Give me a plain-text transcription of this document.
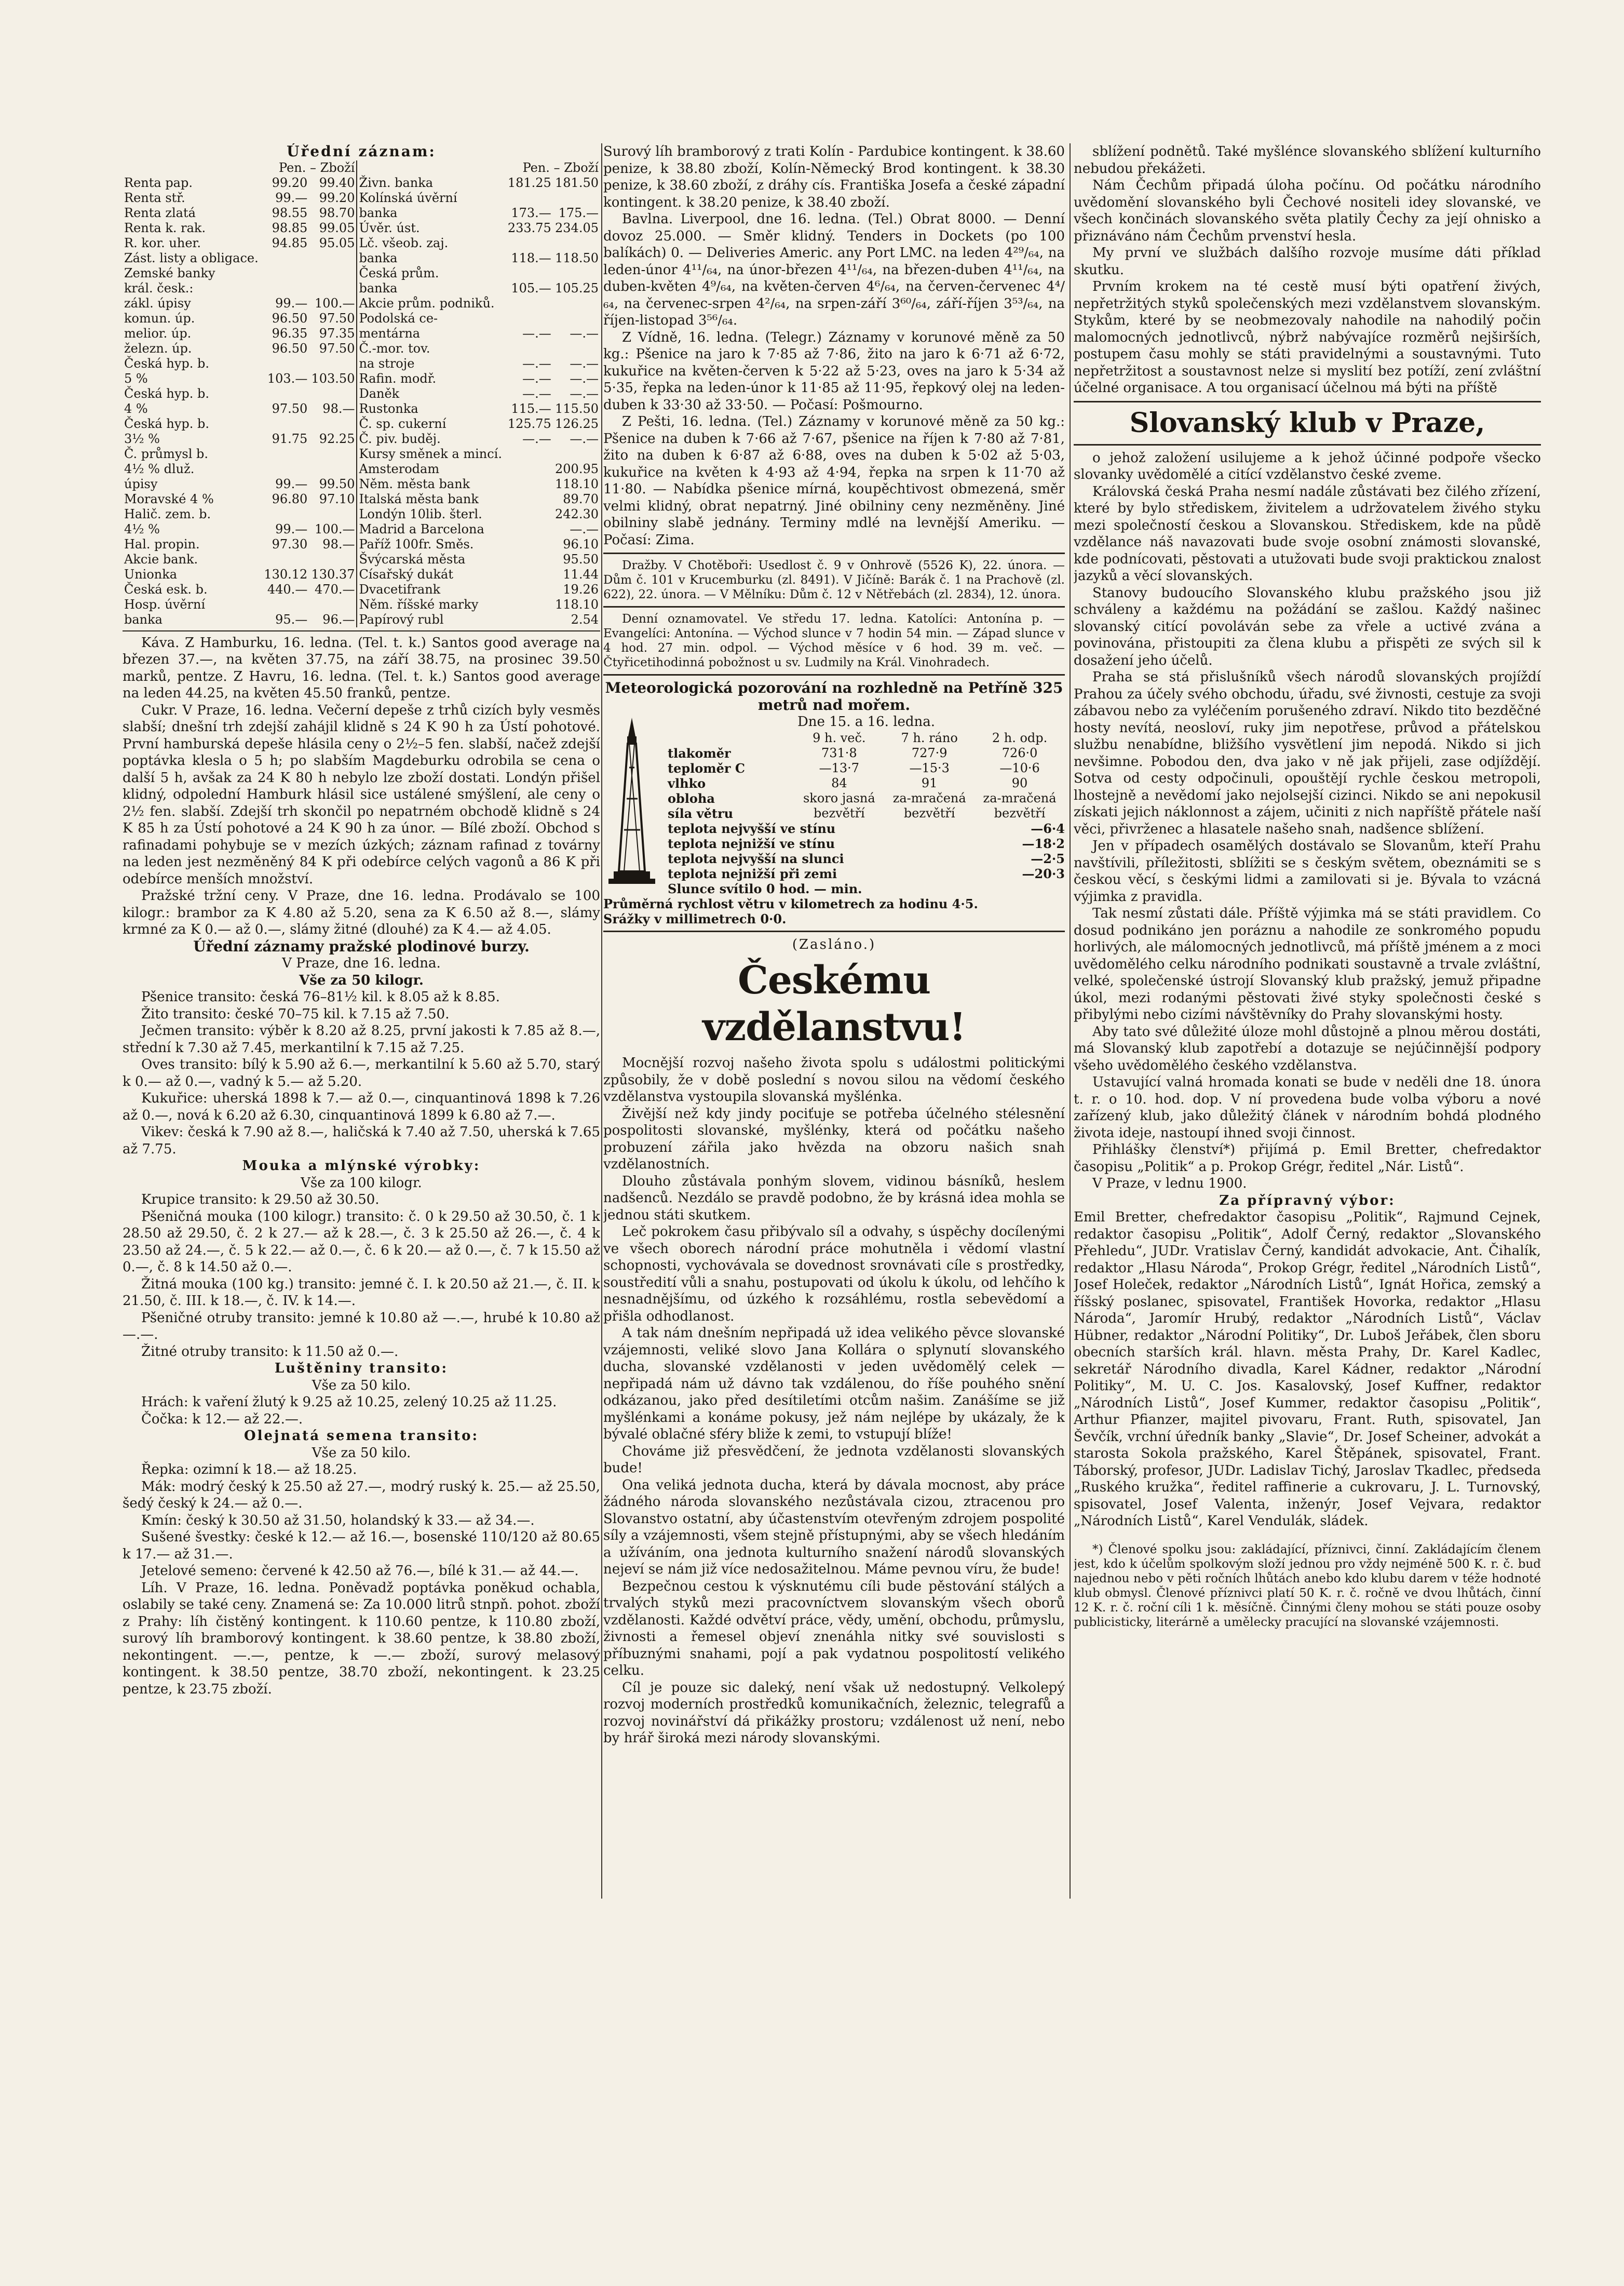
Úřední záznam:

	Pen. – Zboží			Pen. – Zboží	
Renta pap.	99.20	99.40	Živn. banka	181.25	181.50
Renta stř.	99.—	99.20	Kolínská úvěrní		
Renta zlatá	98.55	98.70	banka	173.—	175.—
Renta k. rak.	98.85	99.05	Úvěr. úst.	233.75	234.05
R. kor. uher.	94.85	95.05	Lč. všeob. zaj.		
Zást. listy a obligace.			banka	118.—	118.50
Zemské banky			Česká prům.		
král. česk.:			banka	105.—	105.25
zákl. úpisy	99.—	100.—	Akcie prům. podniků.		
komun. úp.	96.50	97.50	Podolská ce-		
melior. úp.	96.35	97.35	mentárna	—.—	—.—
železn. úp.	96.50	97.50	Č.-mor. tov.		
Česká hyp. b.			na stroje	—.—	—.—
5 %	103.—	103.50	Rafin. modř.	—.—	—.—
Česká hyp. b.			Daněk	—.—	—.—
4 %	97.50	98.—	Rustonka	115.—	115.50
Česká hyp. b.			Č. sp. cukerní	125.75	126.25
3½ %	91.75	92.25	Č. piv. buděj.	—.—	—.—
Č. průmysl b.			Kursy směnek a mincí.		
4½ % dluž.			Amsterodam		200.95
úpisy	99.—	99.50	Něm. města bank		118.10
Moravské 4 %	96.80	97.10	Italská města bank		89.70
Halič. zem. b.			Londýn 10lib. šterl.		242.30
4½ %	99.—	100.—	Madrid a Barcelona		—.—
Hal. propin.	97.30	98.—	Paříž 100fr. Směs.		96.10
Akcie bank.			Švýcarská města		95.50
Unionka	130.12	130.37	Císařský dukát		11.44
Česká esk. b.	440.—	470.—	Dvacetifrank		19.26
Hosp. úvěrní			Něm. říšské marky		118.10
banka	95.—	96.—	Papírový rubl		2.54

Káva. Z Hamburku, 16. ledna. (Tel. t. k.) Santos good average na březen 37.—, na květen 37.75, na září 38.75, na prosinec 39.50 marků, pentze. Z Havru, 16. ledna. (Tel. t. k.) Santos good average na leden 44.25, na květen 45.50 franků, pentze.

Cukr. V Praze, 16. ledna. Večerní depeše z trhů cizích byly vesměs slabší; dnešní trh zdejší zahájil klidně s 24 K 90 h za Ústí pohotové. První hamburská depeše hlásila ceny o 2½–5 fen. slabší, načež zdejší poptávka klesla o 5 h; po slabším Magdeburku odrobila se cena o další 5 h, avšak za 24 K 80 h nebylo lze zboží dostati. Londýn přišel klidný, odpolední Hamburk hlásil sice ustálené smýšlení, ale ceny o 2½ fen. slabší. Zdejší trh skončil po nepatrném obchodě klidně s 24 K 85 h za Ústí pohotové a 24 K 90 h za únor. — Bílé zboží. Obchod s rafinadami pohybuje se v mezích úzkých; záznam rafinad z továrny na leden jest nezměněný 84 K při odebírce celých vagonů a 86 K při odebírce menších množství.

Pražské tržní ceny. V Praze, dne 16. ledna. Prodávalo se 100 kilogr.: brambor za K 4.80 až 5.20, sena za K 6.50 až 8.—, slámy krmné za K 0.— až 0.—, slámy žitné (dlouhé) za K 4.— až 4.05.

Úřední záznamy pražské plodinové burzy.

V Praze, dne 16. ledna.

Vše za 50 kilogr.

Pšenice transito: česká 76–81½ kil. k 8.05 až k 8.85.

Žito transito: české 70–75 kil. k 7.15 až 7.50.

Ječmen transito: výběr k 8.20 až 8.25, první jakosti k 7.85 až 8.—, střední k 7.30 až 7.45, merkantilní k 7.15 až 7.25.

Oves transito: bílý k 5.90 až 6.—, merkantilní k 5.60 až 5.70, starý k 0.— až 0.—, vadný k 5.— až 5.20.

Kukuřice: uherská 1898 k 7.— až 0.—, cinquantinová 1898 k 7.26 až 0.—, nová k 6.20 až 6.30, cinquantinová 1899 k 6.80 až 7.—.

Vikev: česká k 7.90 až 8.—, haličská k 7.40 až 7.50, uherská k 7.65 až 7.75.

Mouka a mlýnské výrobky:

Vše za 100 kilogr.

Krupice transito: k 29.50 až 30.50.

Pšeničná mouka (100 kilogr.) transito: č. 0 k 29.50 až 30.50, č. 1 k 28.50 až 29.50, č. 2 k 27.— až k 28.—, č. 3 k 25.50 až 26.—, č. 4 k 23.50 až 24.—, č. 5 k 22.— až 0.—, č. 6 k 20.— až 0.—, č. 7 k 15.50 až 0.—, č. 8 k 14.50 až 0.—.

Žitná mouka (100 kg.) transito: jemné č. I. k 20.50 až 21.—, č. II. k 21.50, č. III. k 18.—, č. IV. k 14.—.

Pšeničné otruby transito: jemné k 10.80 až —.—, hrubé k 10.80 až —.—.

Žitné otruby transito: k 11.50 až 0.—.

Luštěniny transito:

Vše za 50 kilo.

Hrách: k vaření žlutý k 9.25 až 10.25, zelený 10.25 až 11.25.

Čočka: k 12.— až 22.—.

Olejnatá semena transito:

Vše za 50 kilo.

Řepka: ozimní k 18.— až 18.25.

Mák: modrý český k 25.50 až 27.—, modrý ruský k. 25.— až 25.50, šedý český k 24.— až 0.—.

Kmín: český k 30.50 až 31.50, holandský k 33.— až 34.—.

Sušené švestky: české k 12.— až 16.—, bosenské 110/120 až 80.65 k 17.— až 31.—.

Jetelové semeno: červené k 42.50 až 76.—, bílé k 31.— až 44.—.

Líh. V Praze, 16. ledna. Poněvadž poptávka poněkud ochabla, oslabily se také ceny. Znamená se: Za 10.000 litrů stnpň. pohot. zboží z Prahy: líh čistěný kontingent. k 110.60 pentze, k 110.80 zboží, surový líh bramborový kontingent. k 38.60 pentze, k 38.80 zboží, nekontingent. —.—, pentze, k —.— zboží, surový melasový kontingent. k 38.50 pentze, 38.70 zboží, nekontingent. k 23.25 pentze, k 23.75 zboží.

Surový líh bramborový z trati Kolín - Pardubice kontingent. k 38.60 penize, k 38.80 zboží, Kolín-Německý Brod kontingent. k 38.30 penize, k 38.60 zboží, z dráhy cís. Františka Josefa a české západní kontingent. k 38.20 penize, k 38.40 zboží.

Bavlna. Liverpool, dne 16. ledna. (Tel.) Obrat 8000. — Denní dovoz 25.000. — Směr klidný. Tenders in Dockets (po 100 balíkách) 0. — Deliveries Americ. any Port LMC. na leden 4²⁹/₆₄, na leden-únor 4¹¹/₆₄, na únor-březen 4¹¹/₆₄, na březen-duben 4¹¹/₆₄, na duben-květen 4⁹/₆₄, na květen-červen 4⁶/₆₄, na červen-červenec 4⁴/₆₄, na červenec-srpen 4²/₆₄, na srpen-září 3⁶⁰/₆₄, září-říjen 3⁵³/₆₄, na říjen-listopad 3⁵⁶/₆₄.

Z Vídně, 16. ledna. (Telegr.) Záznamy v korunové měně za 50 kg.: Pšenice na jaro k 7·85 až 7·86, žito na jaro k 6·71 až 6·72, kukuřice na květen-červen k 5·22 až 5·23, oves na jaro k 5·34 až 5·35, řepka na leden-únor k 11·85 až 11·95, řepkový olej na leden-duben k 33·30 až 33·50. — Počasí: Pošmourno.

Z Pešti, 16. ledna. (Tel.) Záznamy v korunové měně za 50 kg.: Pšenice na duben k 7·66 až 7·67, pšenice na říjen k 7·80 až 7·81, žito na duben k 6·87 až 6·88, oves na duben k 5·02 až 5·03, kukuřice na květen k 4·93 až 4·94, řepka na srpen k 11·70 až 11·80. — Nabídka pšenice mírná, koupěchtivost obmezená, směr velmi klidný, obrat nepatrný. Jiné obilniny ceny nezměněny. Jiné obilniny slabě jednány. Terminy mdlé na levnější Ameriku. — Počasí: Zima.

Dražby. V Chotěboři: Usedlost č. 9 v Onhrově (5526 K), 22. února. — Dům č. 101 v Krucemburku (zl. 8491). V Jičíně: Barák č. 1 na Prachově (zl. 622), 22. února. — V Mělníku: Dům č. 12 v Nětřebách (zl. 2834), 12. února.

Denní oznamovatel. Ve středu 17. ledna. Katolíci: Antonína p. — Evangelíci: Antonína. — Východ slunce v 7 hodin 54 min. — Západ slunce v 4 hod. 27 min. odpol. — Východ měsíce v 6 hod. 39 m. več. — Čtyřicetihodinná pobožnost u sv. Ludmily na Král. Vinohradech.

Meteorologická pozorování na rozhledně na Petříně 325 metrů nad mořem.

Dne 15. a 16. ledna.

9 h. več.	7 h. ráno	2 h. odp.
tlakoměr	731·8	727·9	726·0
teploměr C	—13·7	—15·3	—10·6
vlhko	84	91	90
obloha	skoro jasná	za-mračená	za-mračená
síla větru	bezvětří	bezvětří	bezvětří
teplota nejvyšší ve stínu	—6·4
teplota nejnižší ve stínu	—18·2
teplota nejvyšší na slunci	—2·5
teplota nejnižší při zemi	—20·3
Slunce svítilo 0 hod. — min.
Průměrná rychlost větru v kilometrech za hodinu 4·5.
Srážky v millimetrech 0·0.

(Zasláno.)

Českému vzdělanstvu!

Mocnější rozvoj našeho života spolu s událostmi politickými způsobily, že v době poslední s novou silou na vědomí českého vzdělanstva vystoupila slovanská myšlénka.

Živější než kdy jindy pociťuje se potřeba účelného stélesnění pospolitosti slovanské, myšlénky, která od počátku našeho probuzení zářila jako hvězda na obzoru našich snah vzdělanostních.

Dlouho zůstávala ponhým slovem, vidinou básníků, heslem nadšenců. Nezdálo se pravdě podobno, že by krásná idea mohla se jednou státi skutkem.

Leč pokrokem času přibývalo síl a odvahy, s úspěchy docílenými ve všech oborech národní práce mohutněla i vědomí vlastní schopnosti, vychovávala se dovednost srovnávati cíle s prostředky, soustředití vůli a snahu, postupovati od úkolu k úkolu, od lehčího k nesnadnějšímu, od úzkého k rozsáhlému, rostla sebevědomí a přišla odhodlanost.

A tak nám dnešním nepřipadá už idea velikého pěvce slovanské vzájemnosti, veliké slovo Jana Kollára o splynutí slovanského ducha, slovanské vzdělanosti v jeden uvědomělý celek — nepřipadá nám už dávno tak vzdálenou, do říše pouhého snění odkázanou, jako před desítiletími otcům našim. Zanášíme se již myšlénkami a konáme pokusy, jež nám nejlépe by ukázaly, že k bývalé oblačné sféry bliže k zemi, to vstupují blíže!

Chováme již přesvědčení, že jednota vzdělanosti slovanských bude!

Ona veliká jednota ducha, která by dávala mocnost, aby práce žádného národa slovanského nezůstávala cizou, ztracenou pro Slovanstvo ostatní, aby účastenstvím otevřeným zdrojem pospolité síly a vzájemnosti, všem stejně přístupnými, aby se všech hledáním a užíváním, ona jednota kulturního snažení národů slovanských nejeví se nám již více nedosažitelnou. Máme pevnou víru, že bude!

Bezpečnou cestou k výsknutému cíli bude pěstování stálých a trvalých styků mezi pracovníctvem slovanským všech oborů vzdělanosti. Každé odvětví práce, vědy, umění, obchodu, průmyslu, živnosti a řemesel objeví znenáhla nitky své souvislosti s příbuznými snahami, pojí a pak vydatnou pospolitostí velikého celku.

Cíl je pouze sic daleký, není však už nedostupný. Velkolepý rozvoj moderních prostředků komunikačních, železnic, telegrafů a rozvoj novinářství dá přikážky prostoru; vzdálenost už není, nebo by hrář široká mezi národy slovanskými.

sblížení podnětů. Také myšlénce slovanského sblížení kulturního nebudou překážeti.

Nám Čechům připadá úloha počínu. Od počátku národního uvědomění slovanského byli Čechové nositeli idey slovanské, ve všech končinách slovanského světa platily Čechy za její ohnisko a přiznáváno nám Čechům prvenství hesla.

My první ve službách dalšího rozvoje musíme dáti příklad skutku.

Prvním krokem na té cestě musí býti opatření živých, nepřetržitých styků společenských mezi vzdělanstvem slovanským. Stykům, které by se neobmezovaly nahodile na nahodilý počin malomocných jednotlivců, nýbrž nabývajíce rozměrů nejširších, postupem času mohly se státi pravidelnými a soustavnými. Tuto nepřetržitost a soustavnost nelze si myslití bez potíží, zení zvláštní účelné organisace. A tou organisací účelnou má býti na příště

Slovanský klub v Praze,

o jehož založení usilujeme a k jehož účinné podpoře všecko slovanky uvědomělé a citící vzdělanstvo české zveme.

Královská česká Praha nesmí nadále zůstávati bez čilého zřízení, které by bylo střediskem, živitelem a udržovatelem živého styku mezi společností českou a Slovanskou. Střediskem, kde na půdě vzdělance náš navazovati bude svoje osobní známosti slovanské, kde podnícovati, pěstovati a utužovati bude svoji praktickou znalost jazyků a věcí slovanských.

Stanovy budoucího Slovanského klubu pražského jsou již schváleny a každému na požádání se zašlou. Každý našinec slovanský citící povoláván sebe za vřele a uctivé zvána a povinována, přistoupiti za člena klubu a přispěti ze svých sil k dosažení jeho účelů.

Praha se stá přislušníků všech národů slovanských projíždí Prahou za účely svého obchodu, úřadu, své živnosti, cestuje za svoji zábavou nebo za vyléčením porušeného zdraví. Nikdo tito bezděčné hosty nevítá, neosloví, ruky jim nepotřese, průvod a přátelskou službu nenabídne, bližšího vysvětlení jim nepodá. Nikdo si jich nevšimne. Pobodou den, dva jako v ně jak přijeli, zase odjíždějí. Sotva od cesty odpočinuli, opouštějí rychle českou metropoli, lhostejně a nevědomí jako nejolsejší cizinci. Nikdo se ani nepokusil získati jejich náklonnost a zájem, učiniti z nich napříště přátele naší věci, přivrženec a hlasatele našeho snah, nadšence sblížení.

Jen v případech osamělých dostávalo se Slovanům, kteří Prahu navštívili, příležitosti, sblížiti se s českým světem, obeznámiti se s českou věcí, s českými lidmi a zamilovati si je. Bývala to vzácná výjimka z pravidla.

Tak nesmí zůstati dále. Příště výjimka má se státi pravidlem. Co dosud podnikáno jen poráznu a nahodile ze sonkromého popudu horlivých, ale málomocných jednotlivců, má příště jménem a z moci uvědomělého celku národního podnikati soustavně a trvale zvláštní, velké, společenské ústrojí Slovanský klub pražský, jemuž připadne úkol, mezi rodanými pěstovati živé styky společnosti české s přibylými nebo cizími návštěvníky do Prahy slovanskými hosty.

Aby tato své důležité úloze mohl důstojně a plnou měrou dostáti, má Slovanský klub zapotřebí a dotazuje se nejúčinnější podpory všeho uvědomělého českého vzdělanstva.

Ustavující valná hromada konati se bude v neděli dne 18. února t. r. o 10. hod. dop. V ní provedena bude volba výboru a nové zařízený klub, jako důležitý článek v národním bohdá plodného života ideje, nastoupí ihned svoji činnost.

Přihlášky členství*) přijímá p. Emil Bretter, chefredaktor časopisu „Politik“ a p. Prokop Grégr, ředitel „Nár. Listů“.

V Praze, v lednu 1900.

Za přípravný výbor:

Emil Bretter, chefredaktor časopisu „Politik“, Rajmund Cejnek, redaktor časopisu „Politik“, Adolf Černý, redaktor „Slovanského Přehledu“, JUDr. Vratislav Černý, kandidát advokacie, Ant. Čihalík, redaktor „Hlasu Národa“, Prokop Grégr, ředitel „Národních Listů“, Josef Holeček, redaktor „Národních Listů“, Ignát Hořica, zemský a říšský poslanec, spisovatel, František Hovorka, redaktor „Hlasu Národa“, Jaromír Hrubý, redaktor „Národních Listů“, Václav Hübner, redaktor „Národní Politiky“, Dr. Luboš Jeřábek, člen sboru obecních starších král. hlavn. města Prahy, Dr. Karel Kadlec, sekretář Národního divadla, Karel Kádner, redaktor „Národní Politiky“, M. U. C. Jos. Kasalovský, Josef Kuffner, redaktor „Národních Listů“, Josef Kummer, redaktor časopisu „Politik“, Arthur Pfianzer, majitel pivovaru, Frant. Ruth, spisovatel, Jan Ševčík, vrchní úředník banky „Slavie“, Dr. Josef Scheiner, advokát a starosta Sokola pražského, Karel Štěpánek, spisovatel, Frant. Táborský, profesor, JUDr. Ladislav Tichý, Jaroslav Tkadlec, předseda „Ruského kružka“, ředitel raffinerie a cukrovaru, J. L. Turnovský, spisovatel, Josef Valenta, inženýr, Josef Vejvara, redaktor „Národních Listů“, Karel Vendulák, sládek.

*) Členové spolku jsou: zakládající, příznivci, činní. Zakládajícím členem jest, kdo k účelům spolkovým složí jednou pro vždy nejméně 500 K. r. č. buď najednou nebo v pěti ročních lhůtách anebo kdo klubu darem v téže hodnoté klub obmysl. Členové příznivci platí 50 K. r. č. ročně ve dvou lhůtách, činní 12 K. r. č. roční cíli 1 k. měsíčně. Činnými členy mohou se státi pouze osoby publicisticky, literárně a umělecky pracující na slovanské vzájemnosti.
